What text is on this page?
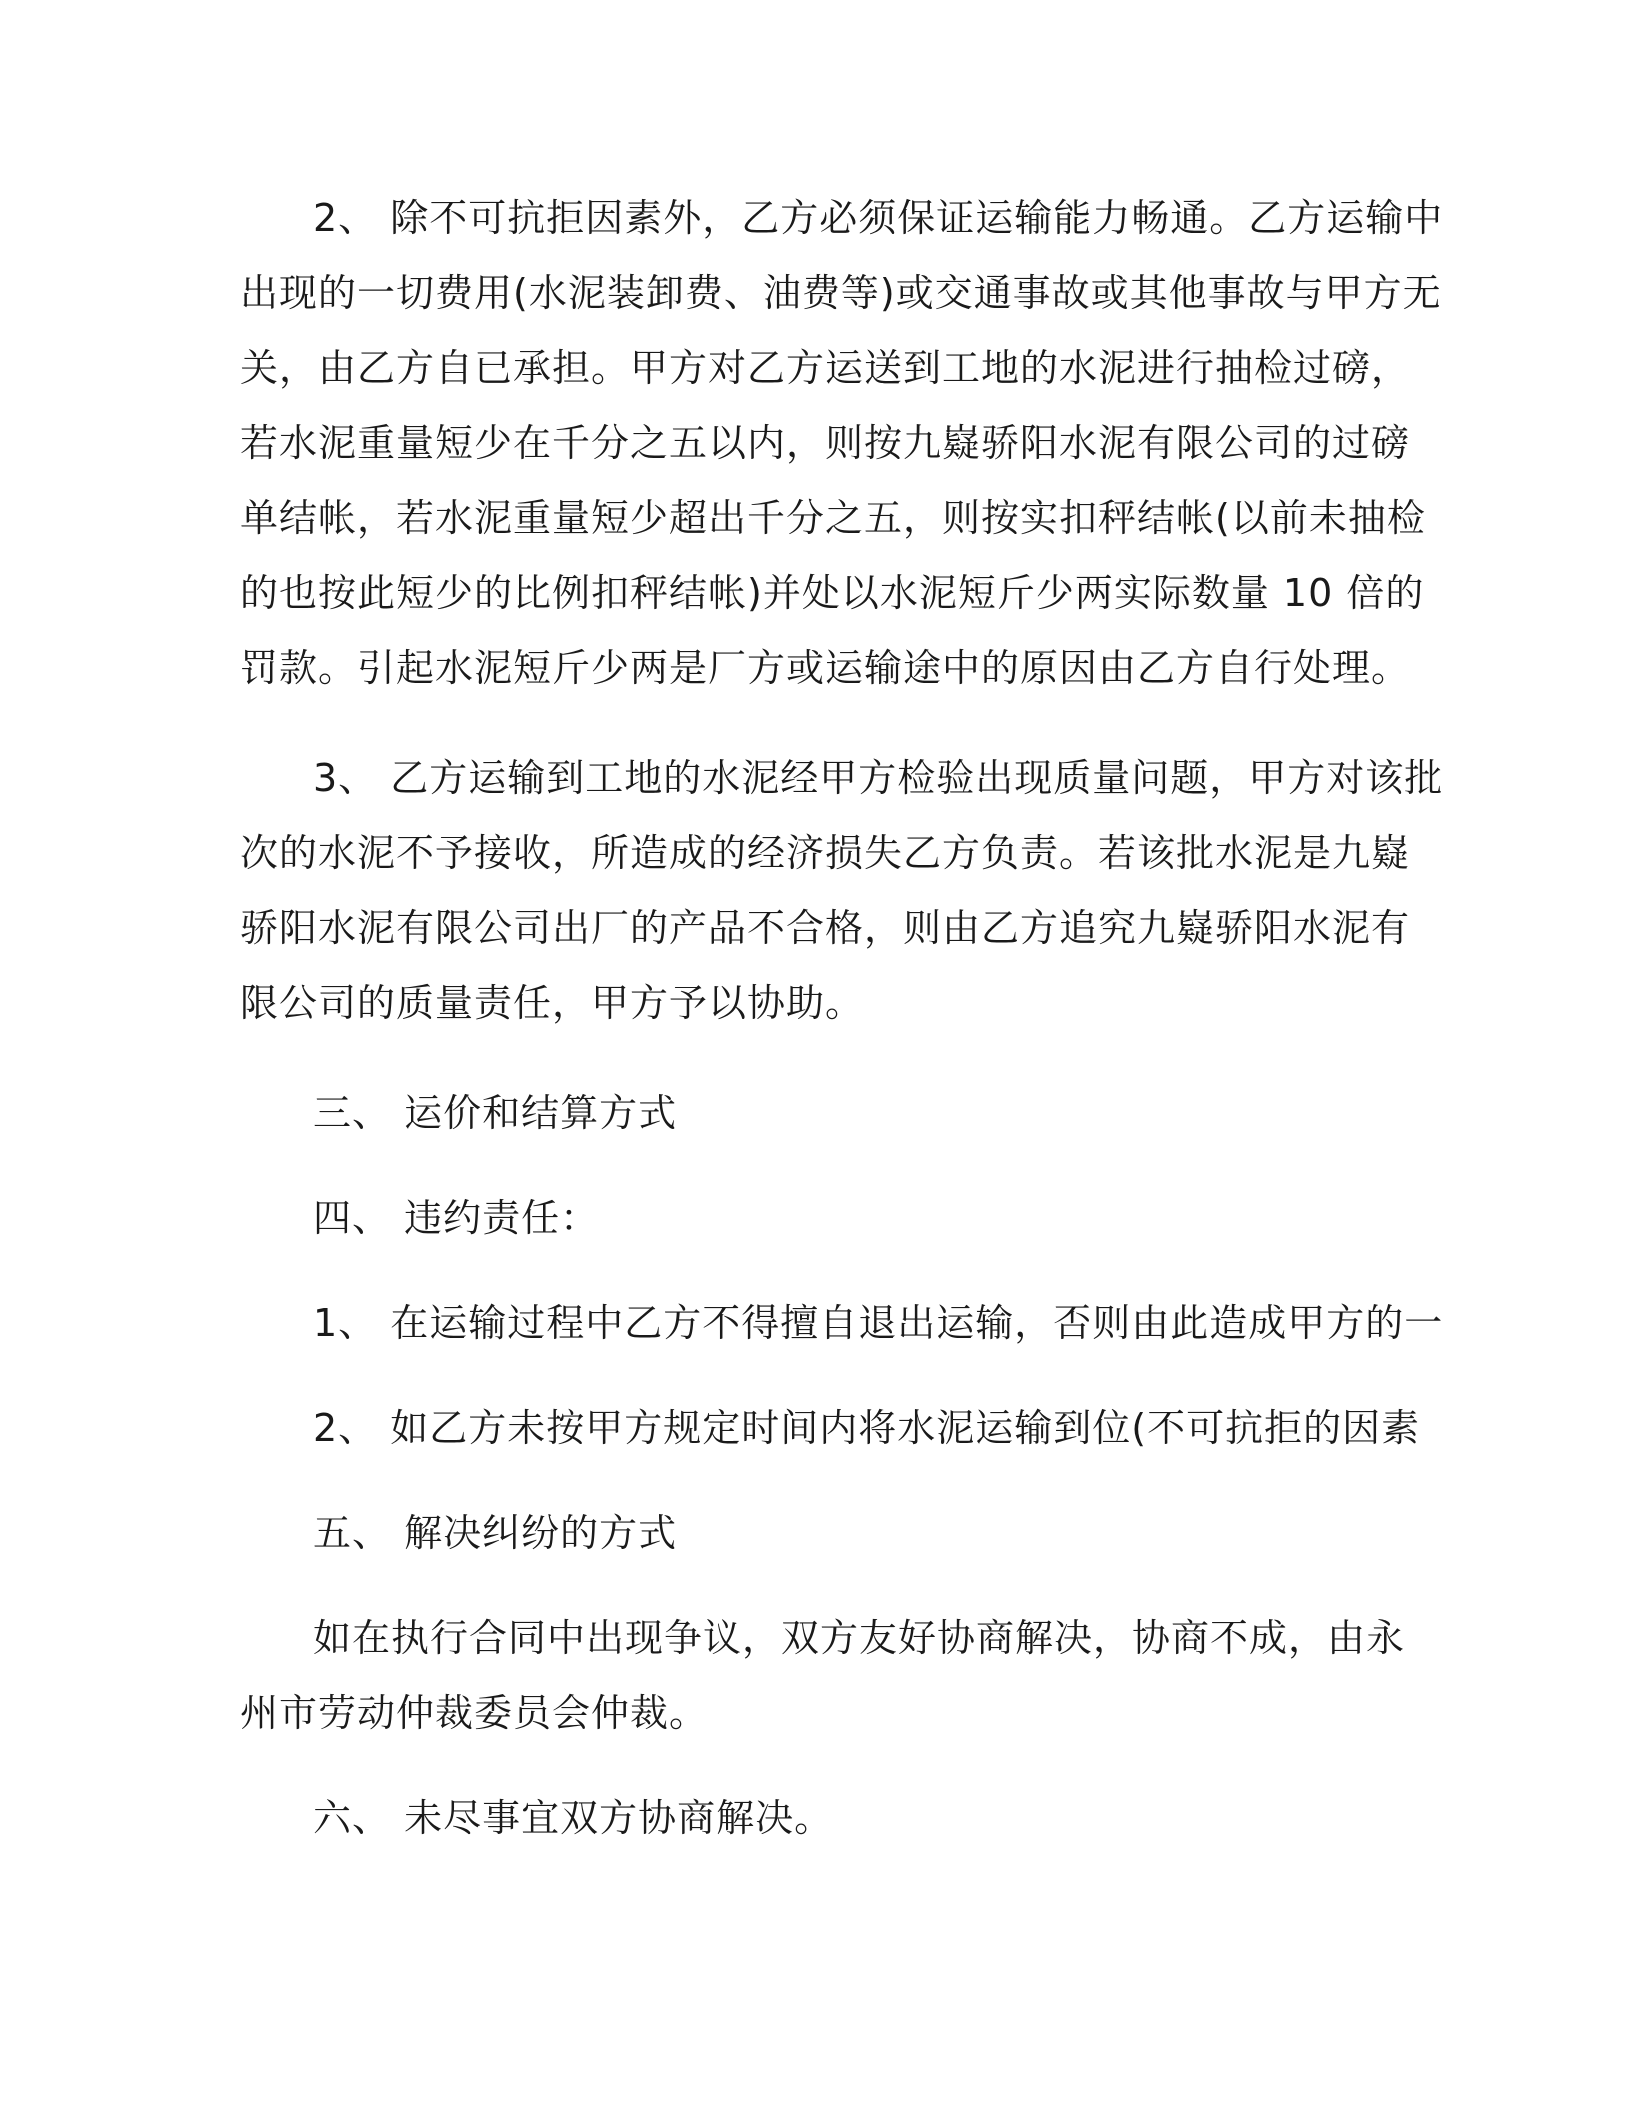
2、 除不可抗拒因素外，乙方必须保证运输能力畅通。乙方运输中

出现的一切费用(水泥装卸费、油费等)或交通事故或其他事故与甲方无

关，由乙方自已承担。甲方对乙方运送到工地的水泥进行抽检过磅，

若水泥重量短少在千分之五以内，则按九嶷骄阳水泥有限公司的过磅

单结帐，若水泥重量短少超出千分之五，则按实扣秤结帐(以前未抽检

的也按此短少的比例扣秤结帐)并处以水泥短斤少两实际数量 10 倍的

罚款。引起水泥短斤少两是厂方或运输途中的原因由乙方自行处理。

3、 乙方运输到工地的水泥经甲方检验出现质量问题，甲方对该批

次的水泥不予接收，所造成的经济损失乙方负责。若该批水泥是九嶷

骄阳水泥有限公司出厂的产品不合格，则由乙方追究九嶷骄阳水泥有

限公司的质量责任，甲方予以协助。

三、 运价和结算方式

四、 违约责任：

1、 在运输过程中乙方不得擅自退出运输，否则由此造成甲方的一

2、 如乙方未按甲方规定时间内将水泥运输到位(不可抗拒的因素

五、 解决纠纷的方式

如在执行合同中出现争议，双方友好协商解决，协商不成，由永

州市劳动仲裁委员会仲裁。

六、 未尽事宜双方协商解决。
